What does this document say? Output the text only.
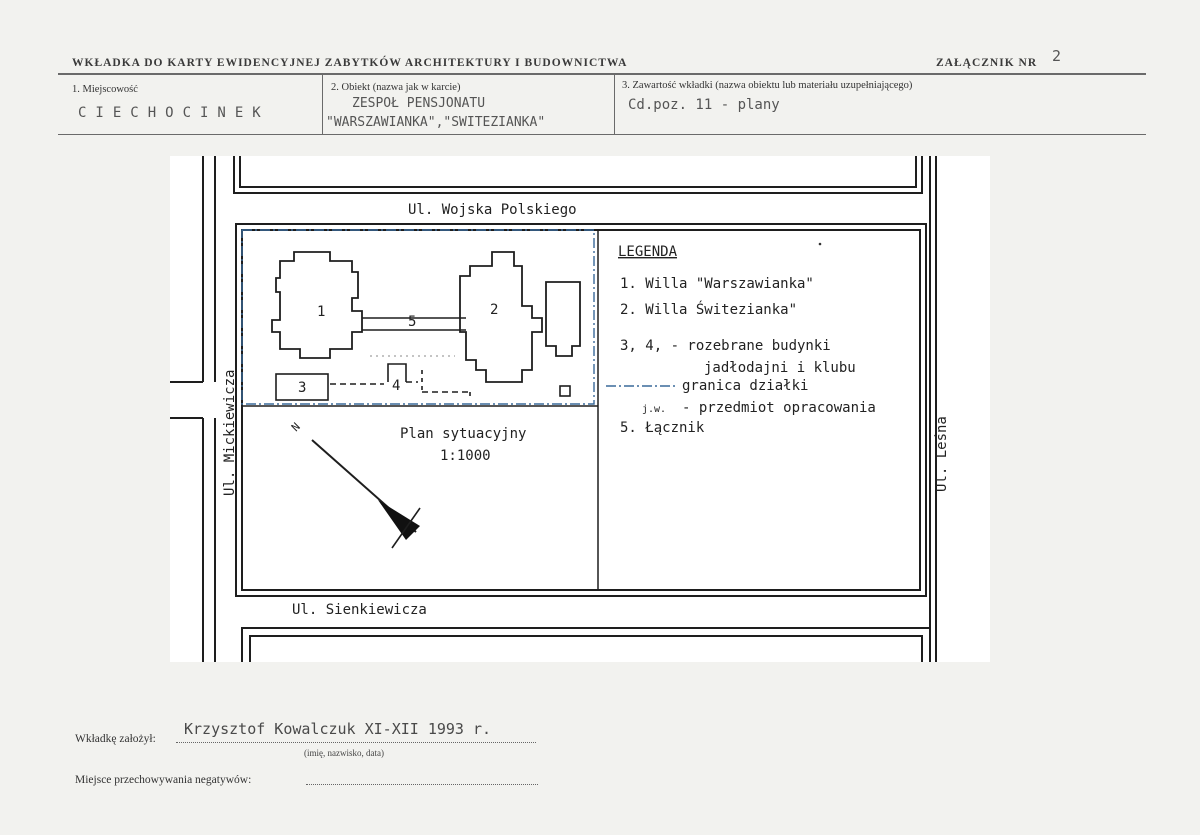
WKŁADKA DO KARTY EWIDENCYJNEJ ZABYTKÓW ARCHITEKTURY I BUDOWNICTWA	ZAŁĄCZNIK NR 2
1. Miejscowość
CIECHOCINEK
2. Obiekt (nazwa jak w karcie)
ZESPOŁ PENSJONATU
"WARSZAWIANKA","SWITEZIANKA"
3. Zawartość wkładki (nazwa obiektu lub materiału uzupełniającego)
Cd.poz. 11 - plany
1	2
3	4
5
Ul. Wojska Polskiego
Ul. Sienkiewicza
Ul. Mickiewicza	Ul. Leśna
Plan sytuacyjny
1:1000
N
LEGENDA
1. Willa "Warszawianka"
2. Willa Świtezianka"
3, 4, - rozebrane budynki
jadłodajni i klubu
granica działki
j.w. - przedmiot opracowania
5. Łącznik
Wkładkę założył:
Krzysztof Kowalczuk XI-XII 1993 r.
(imię, nazwisko, data)
Miejsce przechowywania negatywów:
